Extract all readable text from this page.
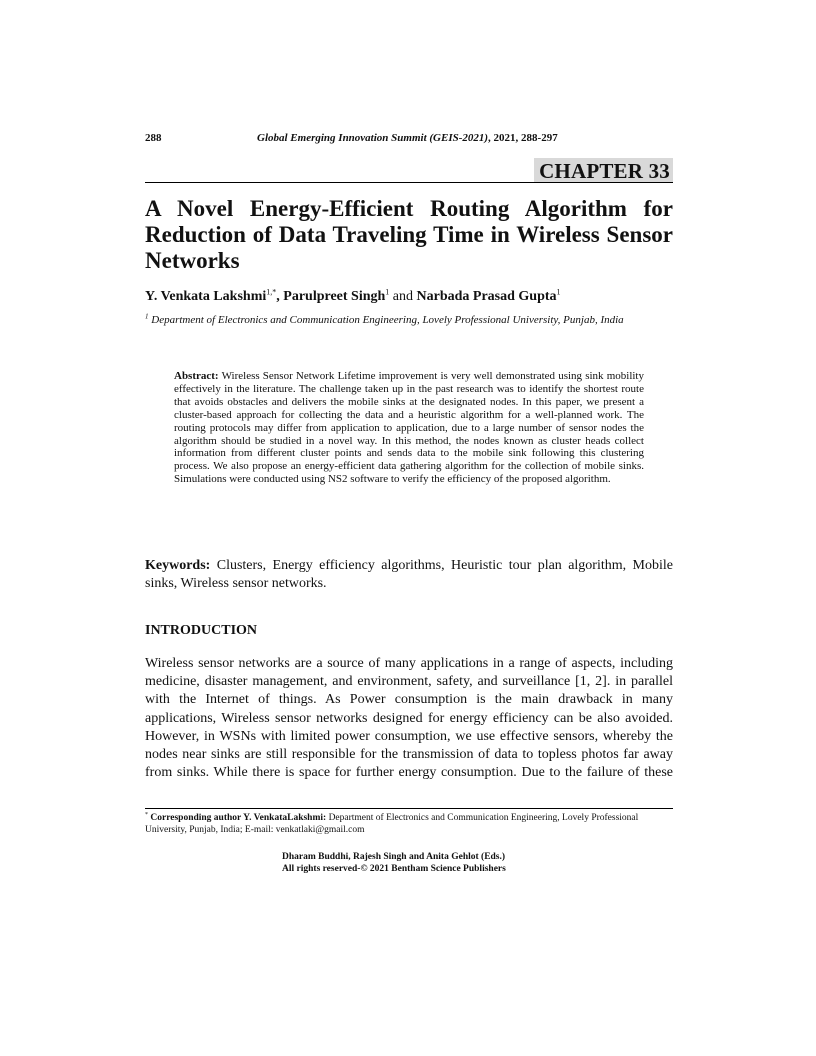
288	Global Emerging Innovation Summit (GEIS-2021), 2021, 288-297
CHAPTER 33
A Novel Energy-Efficient Routing Algorithm for Reduction of Data Traveling Time in Wireless Sensor Networks
Y. Venkata Lakshmi$^{1,*}$, Parulpreet Singh$^1$ and Narbada Prasad Gupta$^1$
$^1$ Department of Electronics and Communication Engineering, Lovely Professional University, Punjab, India
Abstract: Wireless Sensor Network Lifetime improvement is very well demonstrated using sink mobility effectively in the literature. The challenge taken up in the past research was to identify the shortest route that avoids obstacles and delivers the mobile sinks at the designated nodes. In this paper, we present a cluster-based approach for collecting the data and a heuristic algorithm for a well-planned work. The routing protocols may differ from application to application, due to a large number of sensor nodes the algorithm should be studied in a novel way. In this method, the nodes known as cluster heads collect information from different cluster points and sends data to the mobile sink following this clustering process. We also propose an energy-efficient data gathering algorithm for the collection of mobile sinks. Simulations were conducted using NS2 software to verify the efficiency of the proposed algorithm.
Keywords: Clusters, Energy efficiency algorithms, Heuristic tour plan algorithm, Mobile sinks, Wireless sensor networks.
INTRODUCTION
Wireless sensor networks are a source of many applications in a range of aspects, including medicine, disaster management, and environment, safety, and surveillance [1, 2]. in parallel with the Internet of things. As Power consumption is the main drawback in many applications, Wireless sensor networks designed for energy efficiency can be also avoided. However, in WSNs with limited power consumption, we use effective sensors, whereby the nodes near sinks are still responsible for the transmission of data to topless photos far away from sinks. While there is space for further energy consumption. Due to the failure of these
* Corresponding author Y. VenkataLakshmi: Department of Electronics and Communication Engineering, Lovely Professional University, Punjab, India; E-mail: venkatlaki@gmail.com
Dharam Buddhi, Rajesh Singh and Anita Gehlot (Eds.)
All rights reserved-© 2021 Bentham Science Publishers
